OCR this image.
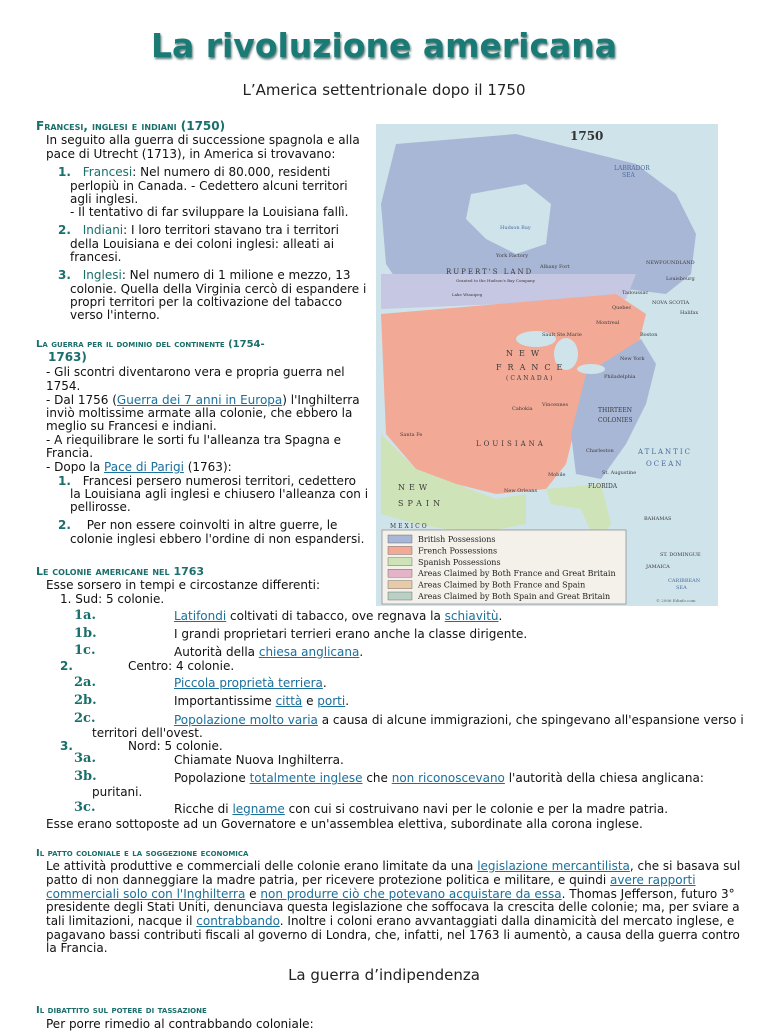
La rivoluzione americana
L’America settentrionale dopo il 1750
Francesi, inglesi e indiani (1750)
In seguito alla guerra di successione spagnola e alla
pace di Utrecht (1713), in America si trovavano:
1. Francesi: Nel numero di 80.000, residenti
perlopiù in Canada. - Cedettero alcuni territori
agli inglesi.
- Il tentativo di far sviluppare la Louisiana fallì.
2. Indiani: I loro territori stavano tra i territori
della Louisiana e dei coloni inglesi: alleati ai
francesi.
3. Inglesi: Nel numero di 1 milione e mezzo, 13
colonie. Quella della Virginia cercò di espandere i
propri territori per la coltivazione del tabacco
verso l'interno.
La guerra per il dominio del continente (1754-
1763)
- Gli scontri diventarono vera e propria guerra nel
1754.
- Dal 1756 (Guerra dei 7 anni in Europa) l'Inghilterra
inviò moltissime armate alla colonie, che ebbero la
meglio su Francesi e indiani.
- A riequilibrare le sorti fu l'alleanza tra Spagna e
Francia.
- Dopo la Pace di Parigi (1763):
1. Francesi persero numerosi territori, cedettero
la Louisiana agli inglesi e chiusero l'alleanza con i
pellirosse.
2. Per non essere coinvolti in altre guerre, le
colonie inglesi ebbero l'ordine di non espandersi.
Le colonie americane nel 1763
Esse sorsero in tempi e circostanze differenti:
1. Sud: 5 colonie.
1a.	Latifondi coltivati di tabacco, ove regnava la schiavitù.
1b.	I grandi proprietari terrieri erano anche la classe dirigente.
1c.	Autorità della chiesa anglicana.
2.	Centro: 4 colonie.
2a.	Piccola proprietà terriera.
2b.	Importantissime città e porti.
2c.	Popolazione molto varia a causa di alcune immigrazioni, che spingevano all'espansione verso i
territori dell'ovest.
3.	Nord: 5 colonie.
3a.	Chiamate Nuova Inghilterra.
3b.	Popolazione totalmente inglese che non riconoscevano l'autorità della chiesa anglicana:
puritani.
3c.	Ricche di legname con cui si costruivano navi per le colonie e per la madre patria.
Esse erano sottoposte ad un Governatore e un'assemblea elettiva, subordinate alla corona inglese.
Il patto coloniale e la soggezione economica
Le attività produttive e commerciali delle colonie erano limitate da una legislazione mercantilista, che si basava sul
patto di non danneggiare la madre patria, per ricevere protezione politica e militare, e quindi avere rapporti
commerciali solo con l'Inghilterra e non produrre ciò che potevano acquistare da essa. Thomas Jefferson, futuro 3°
presidente degli Stati Uniti, denunciava questa legislazione che soffocava la crescita delle colonie; ma, per sviare a
tali limitazioni, nacque il contrabbando. Inoltre i coloni erano avvantaggiati dalla dinamicità del mercato inglese, e
pagavano bassi contributi fiscali al governo di Londra, che, infatti, nel 1763 li aumentò, a causa della guerra contro
la Francia.
La guerra d’indipendenza
Il dibattito sul potere di tassazione
Per porre rimedio al contrabbando coloniale:
1750
LABRADOR
SEA
Hudson Bay
York Factory
Albany Fort
RUPERT'S LAND
Granted to the Hudson's Bay Company
Lake Winnipeg
NEWFOUNDLAND
Louisbourg
Tadoussac
NOVA SCOTIA
Halifax
Quebec
Montreal
Sault Ste.Marie
NEW
FRANCE
(CANADA)
Boston
New York
Philadelphia
THIRTEEN
COLONIES
Vincennes
Cahokia
Charleston
LOUISIANA
Santa Fe
MEXICO
NEW
SPAIN
Mobile
New Orleans
St. Augustine
FLORIDA
ATLANTIC
OCEAN
BAHAMAS
ST. DOMINGUE
JAMAICA
CARIBBEAN
SEA
© 2006 Edinfo.com
British Possessions
French Possessions
Spanish Possessions
Areas Claimed by Both France and Great Britain
Areas Claimed by Both France and Spain
Areas Claimed by Both Spain and Great Britain
